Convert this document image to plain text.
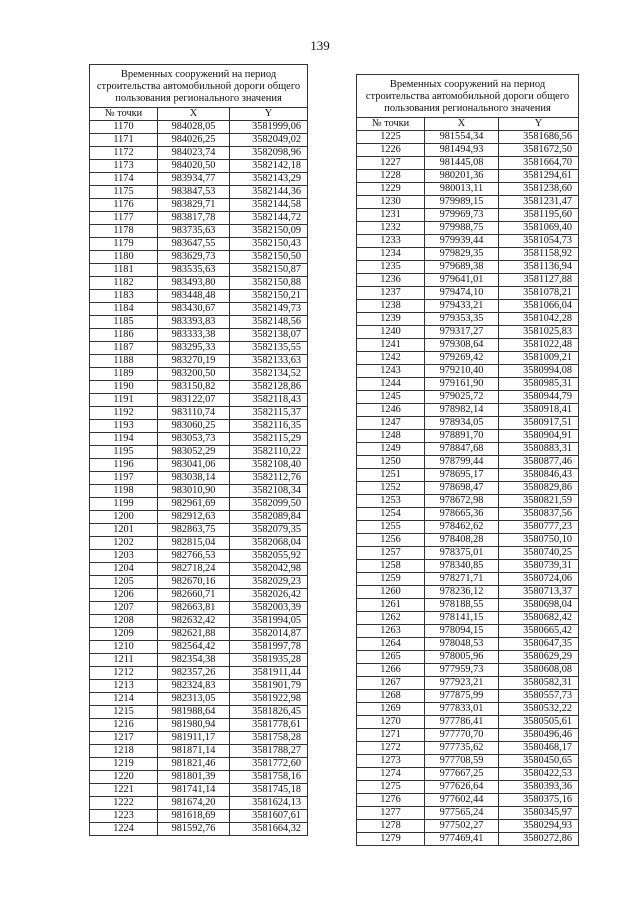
139
Временных сооружений на период строительства автомобильной дороги общего пользования регионального значения		
№ точки	X	Y
1170	984028,05	3581999,06
1171	984026,25	3582049,02
1172	984023,74	3582098,96
1173	984020,50	3582142,18
1174	983934,77	3582143,29
1175	983847,53	3582144,36
1176	983829,71	3582144,58
1177	983817,78	3582144,72
1178	983735,63	3582150,09
1179	983647,55	3582150,43
1180	983629,73	3582150,50
1181	983535,63	3582150,87
1182	983493,80	3582150,88
1183	983448,48	3582150,21
1184	983430,67	3582149,73
1185	983393,83	3582148,56
1186	983333,38	3582138,07
1187	983295,33	3582135,55
1188	983270,19	3582133,63
1189	983200,50	3582134,52
1190	983150,82	3582128,86
1191	983122,07	3582118,43
1192	983110,74	3582115,37
1193	983060,25	3582116,35
1194	983053,73	3582115,29
1195	983052,29	3582110,22
1196	983041,06	3582108,40
1197	983038,14	3582112,76
1198	983010,90	3582108,34
1199	982961,69	3582099,50
1200	982912,63	3582089,84
1201	982863,75	3582079,35
1202	982815,04	3582068,04
1203	982766,53	3582055,92
1204	982718,24	3582042,98
1205	982670,16	3582029,23
1206	982660,71	3582026,42
1207	982663,81	3582003,39
1208	982632,42	3581994,05
1209	982621,88	3582014,87
1210	982564,42	3581997,78
1211	982354,38	3581935,28
1212	982357,26	3581911,44
1213	982324,83	3581901,79
1214	982313,05	3581922,98
1215	981988,64	3581826,45
1216	981980,94	3581778,61
1217	981911,17	3581758,28
1218	981871,14	3581788,27
1219	981821,46	3581772,60
1220	981801,39	3581758,16
1221	981741,14	3581745,18
1222	981674,20	3581624,13
1223	981618,69	3581607,61
1224	981592,76	3581664,32
Временных сооружений на период строительства автомобильной дороги общего пользования регионального значения		
№ точки	X	Y
1225	981554,34	3581686,56
1226	981494,93	3581672,50
1227	981445,08	3581664,70
1228	980201,36	3581294,61
1229	980013,11	3581238,60
1230	979989,15	3581231,47
1231	979969,73	3581195,60
1232	979988,75	3581069,40
1233	979939,44	3581054,73
1234	979829,35	3581158,92
1235	979689,38	3581136,94
1236	979641,01	3581127,88
1237	979474,10	3581078,21
1238	979433,21	3581066,04
1239	979353,35	3581042,28
1240	979317,27	3581025,83
1241	979308,64	3581022,48
1242	979269,42	3581009,21
1243	979210,40	3580994,08
1244	979161,90	3580985,31
1245	979025,72	3580944,79
1246	978982,14	3580918,41
1247	978934,05	3580917,51
1248	978891,70	3580904,91
1249	978847,68	3580883,31
1250	978799,44	3580877,46
1251	978695,17	3580846,43
1252	978698,47	3580829,86
1253	978672,98	3580821,59
1254	978665,36	3580837,56
1255	978462,62	3580777,23
1256	978408,28	3580750,10
1257	978375,01	3580740,25
1258	978340,85	3580739,31
1259	978271,71	3580724,06
1260	978236,12	3580713,37
1261	978188,55	3580698,04
1262	978141,15	3580682,42
1263	978094,15	3580665,42
1264	978048,53	3580647,35
1265	978005,96	3580629,29
1266	977959,73	3580608,08
1267	977923,21	3580582,31
1268	977875,99	3580557,73
1269	977833,01	3580532,22
1270	977786,41	3580505,61
1271	977770,70	3580496,46
1272	977735,62	3580468,17
1273	977708,59	3580450,65
1274	977667,25	3580422,53
1275	977626,64	3580393,36
1276	977602,44	3580375,16
1277	977565,24	3580345,97
1278	977502,27	3580294,93
1279	977469,41	3580272,86
